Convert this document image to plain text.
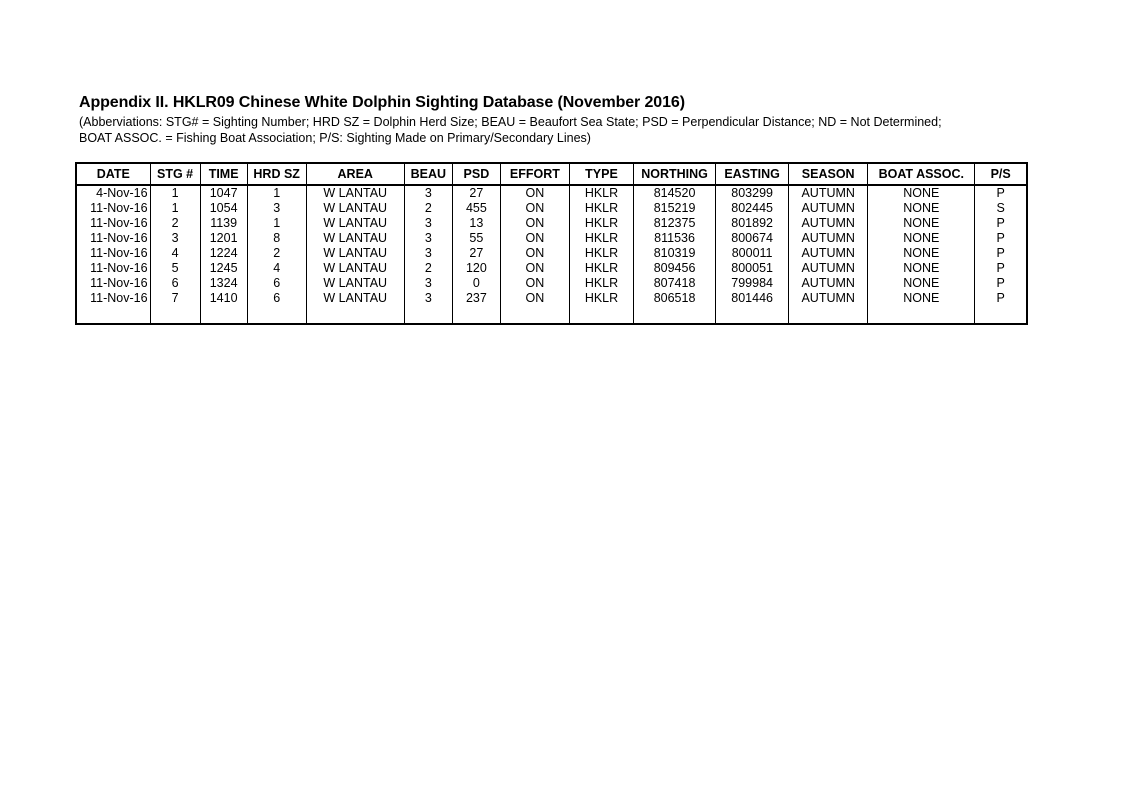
Appendix II. HKLR09 Chinese White Dolphin Sighting Database (November 2016)
(Abberviations: STG# = Sighting Number; HRD SZ = Dolphin Herd Size; BEAU = Beaufort Sea State; PSD = Perpendicular Distance; ND = Not Determined;
BOAT ASSOC. = Fishing Boat Association; P/S: Sighting Made on Primary/Secondary Lines)
DATE	STG #	TIME	HRD SZ	AREA	BEAU	PSD	EFFORT	TYPE	NORTHING	EASTING	SEASON	BOAT ASSOC.	P/S
4-Nov-16	1	1047	1	W LANTAU	3	27	ON	HKLR	814520	803299	AUTUMN	NONE	P
11-Nov-16	1	1054	3	W LANTAU	2	455	ON	HKLR	815219	802445	AUTUMN	NONE	S
11-Nov-16	2	1139	1	W LANTAU	3	13	ON	HKLR	812375	801892	AUTUMN	NONE	P
11-Nov-16	3	1201	8	W LANTAU	3	55	ON	HKLR	811536	800674	AUTUMN	NONE	P
11-Nov-16	4	1224	2	W LANTAU	3	27	ON	HKLR	810319	800011	AUTUMN	NONE	P
11-Nov-16	5	1245	4	W LANTAU	2	120	ON	HKLR	809456	800051	AUTUMN	NONE	P
11-Nov-16	6	1324	6	W LANTAU	3	0	ON	HKLR	807418	799984	AUTUMN	NONE	P
11-Nov-16	7	1410	6	W LANTAU	3	237	ON	HKLR	806518	801446	AUTUMN	NONE	P
